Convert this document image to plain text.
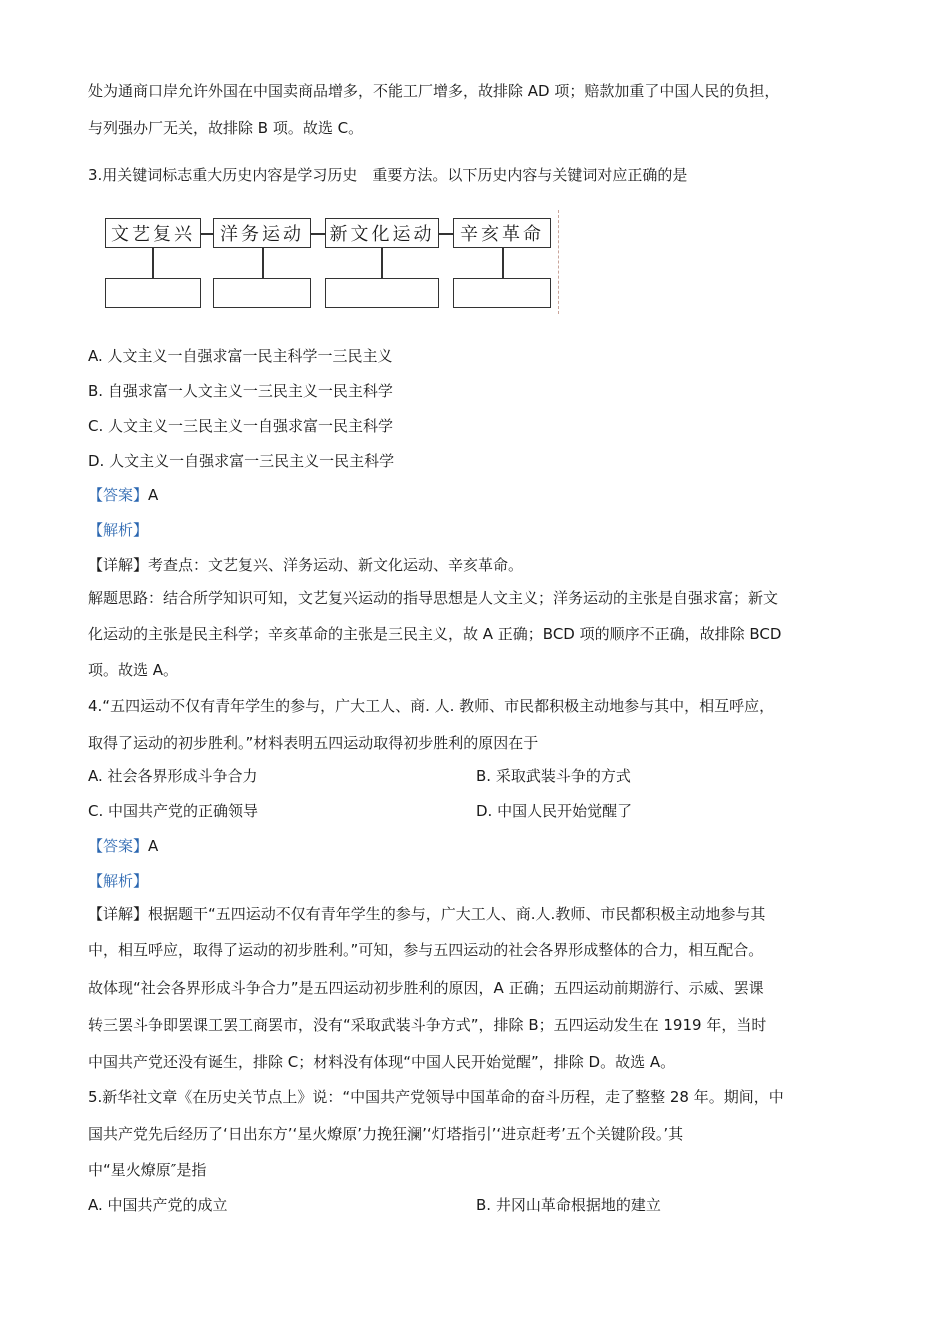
处为通商口岸允许外国在中国卖商品增多，不能工厂增多，故排除 AD 项；赔款加重了中国人民的负担，
与列强办厂无关，故排除 B 项。故选 C。
3.用关键词标志重大历史内容是学习历史　重要方法。以下历史内容与关键词对应正确的是
文艺复兴	洋务运动	新文化运动	辛亥革命
A. 人文主义一自强求富一民主科学一三民主义
B. 自强求富一人文主义一三民主义一民主科学
C. 人文主义一三民主义一自强求富一民主科学
D. 人文主义一自强求富一三民主义一民主科学
【答案】A
【解析】
【详解】考查点：文艺复兴、洋务运动、新文化运动、辛亥革命。
解题思路：结合所学知识可知，文艺复兴运动的指导思想是人文主义；洋务运动的主张是自强求富；新文
化运动的主张是民主科学；辛亥革命的主张是三民主义，故 A 正确；BCD 项的顺序不正确，故排除 BCD
项。故选 A。
4.“五四运动不仅有青年学生的参与，广大工人、商. 人. 教师、市民都积极主动地参与其中，相互呼应，
取得了运动的初步胜利。”材料表明五四运动取得初步胜利的原因在于
A. 社会各界形成斗争合力	B. 采取武装斗争的方式
C. 中国共产党的正确领导	D. 中国人民开始觉醒了
【答案】A
【解析】
【详解】根据题干“五四运动不仅有青年学生的参与，广大工人、商.人.教师、市民都积极主动地参与其
中，相互呼应，取得了运动的初步胜利。”可知，参与五四运动的社会各界形成整体的合力，相互配合。
故体现“社会各界形成斗争合力”是五四运动初步胜利的原因，A 正确；五四运动前期游行、示威、罢课
转三罢斗争即罢课工罢工商罢市，没有“采取武装斗争方式”，排除 B；五四运动发生在 1919 年，当时
中国共产党还没有诞生，排除 C；材料没有体现“中国人民开始觉醒”，排除 D。故选 A。
5.新华社文章《在历史关节点上》说：“中国共产党领导中国革命的奋斗历程，走了整整 28 年。期间，中
国共产党先后经历了‘日出东方’‘星火燎原’力挽狂澜’‘灯塔指引’‘进京赶考’五个关键阶段。’其
中“星火燎原″是指
A. 中国共产党的成立	B. 井冈山革命根据地的建立
